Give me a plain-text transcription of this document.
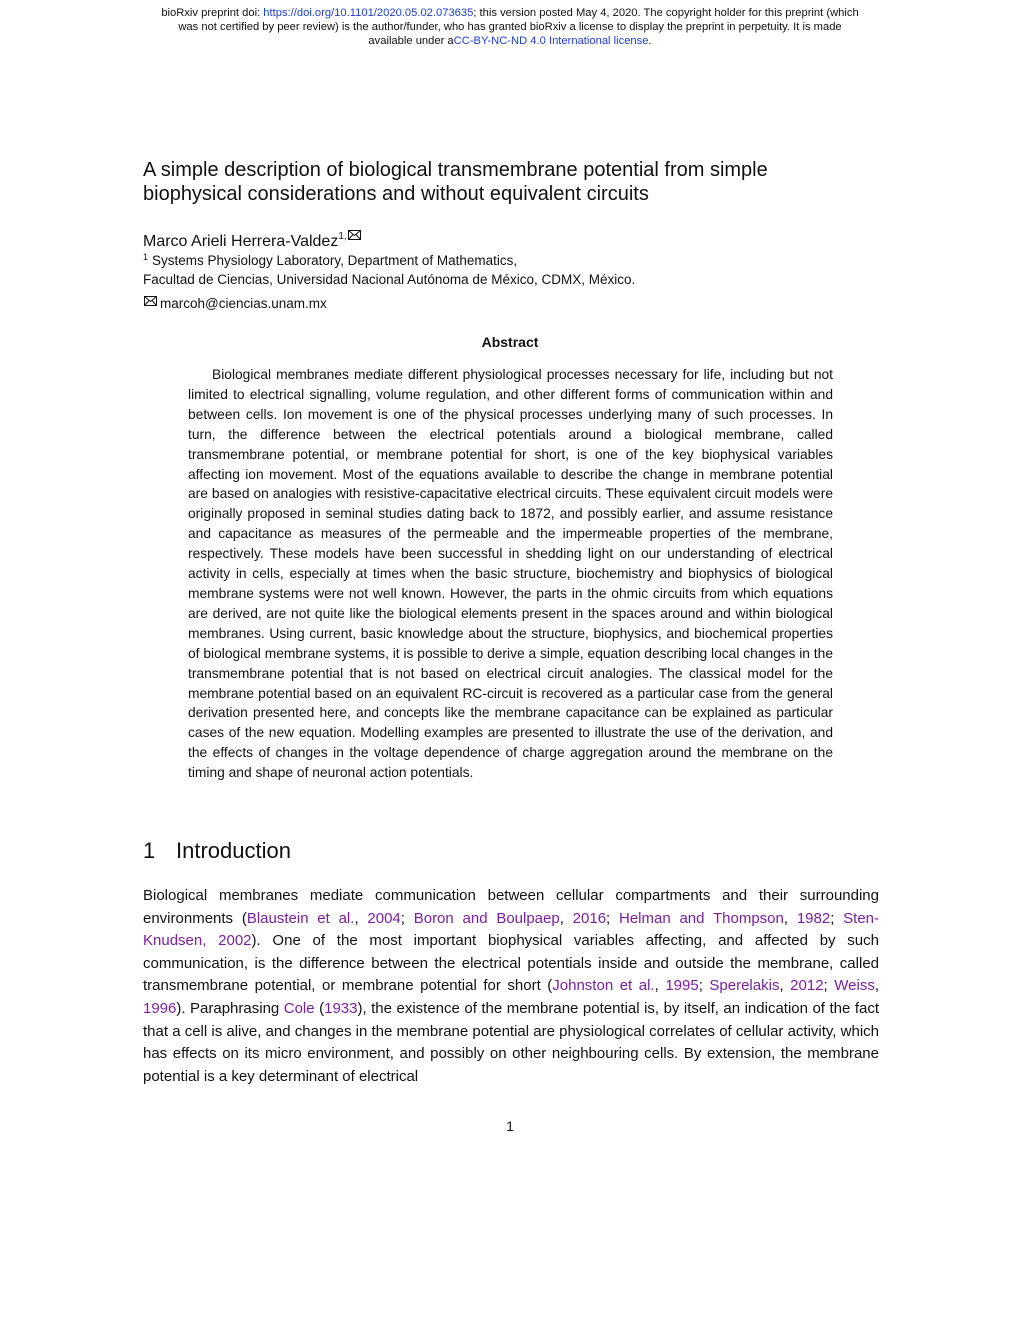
bioRxiv preprint doi: https://doi.org/10.1101/2020.05.02.073635; this version posted May 4, 2020. The copyright holder for this preprint (which
was not certified by peer review) is the author/funder, who has granted bioRxiv a license to display the preprint in perpetuity. It is made
available under aCC-BY-NC-ND 4.0 International license.
A simple description of biological transmembrane potential from simple
biophysical considerations and without equivalent circuits
Marco Arieli Herrera-Valdez$^{1,}$
$^1$ Systems Physiology Laboratory, Department of Mathematics,
Facultad de Ciencias, Universidad Nacional Autónoma de México, CDMX, México.
marcoh@ciencias.unam.mx
Abstract

Biological membranes mediate different physiological processes necessary for life, including but not limited to electrical signalling, volume regulation, and other different forms of communication within and between cells. Ion movement is one of the physical processes underlying many of such processes. In turn, the difference between the electrical potentials around a biological membrane, called transmembrane potential, or membrane potential for short, is one of the key biophysical variables affecting ion movement. Most of the equations available to describe the change in membrane potential are based on analogies with resistive-capacitative electrical circuits. These equivalent circuit models were originally proposed in seminal studies dating back to 1872, and possibly earlier, and assume resistance and capacitance as measures of the permeable and the impermeable properties of the membrane, respectively. These models have been successful in shedding light on our understanding of electrical activity in cells, especially at times when the basic structure, biochemistry and biophysics of biological membrane systems were not well known. However, the parts in the ohmic circuits from which equations are derived, are not quite like the biological elements present in the spaces around and within biological membranes. Using current, basic knowledge about the structure, biophysics, and biochemical properties of biological membrane systems, it is possible to derive a simple, equation describing local changes in the transmembrane potential that is not based on electrical circuit analogies. The classical model for the membrane potential based on an equivalent RC-circuit is recovered as a particular case from the general derivation presented here, and concepts like the membrane capacitance can be explained as particular cases of the new equation. Modelling examples are presented to illustrate the use of the derivation, and the effects of changes in the voltage dependence of charge aggregation around the membrane on the timing and shape of neuronal action potentials.

1 Introduction

Biological membranes mediate communication between cellular compartments and their surrounding environments (Blaustein et al., 2004; Boron and Boulpaep, 2016; Helman and Thompson, 1982; Sten-Knudsen, 2002). One of the most important biophysical variables affecting, and affected by such communication, is the difference between the electrical potentials inside and outside the membrane, called transmembrane potential, or membrane potential for short (Johnston et al., 1995; Sperelakis, 2012; Weiss, 1996). Paraphrasing Cole (1933), the existence of the membrane potential is, by itself, an indication of the fact that a cell is alive, and changes in the membrane potential are physiological correlates of cellular activity, which has effects on its micro environment, and possibly on other neighbouring cells. By extension, the membrane potential is a key determinant of electrical

1
